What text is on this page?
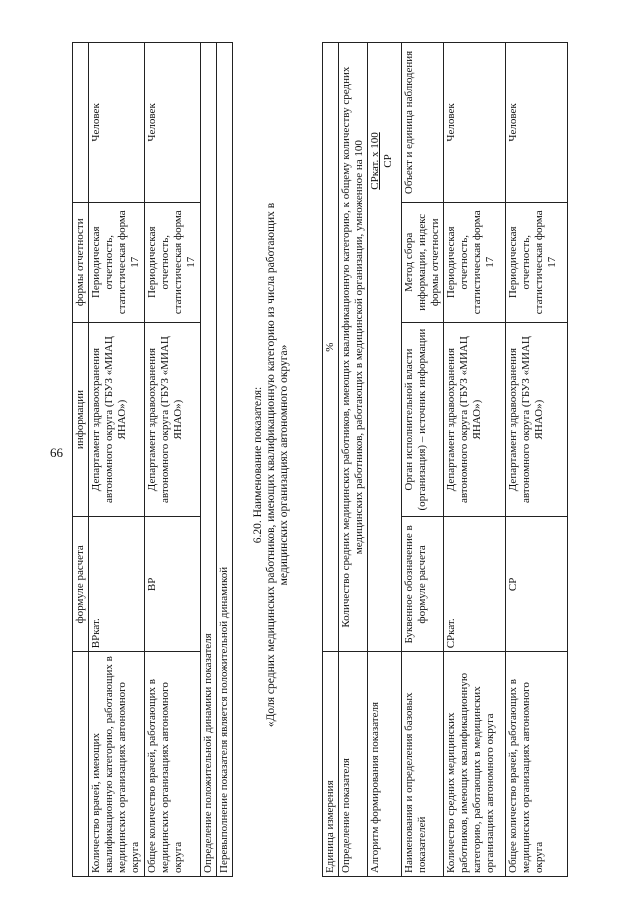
66
	формуле расчета	информации	формы отчетности	
Количество врачей, имеющих квалификационную категорию, работающих в медицинских организациях автономного округа	ВРкат.	Департамент здравоохранения автономного округа (ГБУЗ «МИАЦ ЯНАО»)	Периодическая отчетность, статистическая форма 17	Человек
Общее количество врачей, работающих в медицинских организациях автономного округа	ВР	Департамент здравоохранения автономного округа (ГБУЗ «МИАЦ ЯНАО»)	Периодическая отчетность, статистическая форма 17	Человек
Определение положительной динамики показателя				
Перевыполнение показателя является положительной динамикой				
6.20. Наименование показателя: «Доля средних медицинских работников, имеющих квалификационную категорию из числа работающих в медицинских организациях автономного округа»
Единица измерения	%			
Определение показателя	Количество средних медицинских работников, имеющих квалификационную категорию, к общему количеству средних медицинских работников, работающих в медицинской организации, умноженное на 100			
Алгоритм формирования показателя	СРкат. х 100 СР			

Наименования и определения базовых показателей	Буквенное обозначение в формуле расчета	Орган исполнительной власти (организация) – источник информации	Метод сбора информации, индекс формы отчетности	Объект и единица наблюдения
Количество средних медицинских работников, имеющих квалификационную категорию, работающих в медицинских организациях автономного округа	СРкат.	Департамент здравоохранения автономного округа (ГБУЗ «МИАЦ ЯНАО»)	Периодическая отчетность, статистическая форма 17	Человек
Общее количество врачей, работающих в медицинских организациях автономного округа	СР	Департамент здравоохранения автономного округа (ГБУЗ «МИАЦ ЯНАО»)	Периодическая отчетность, статистическая форма 17	Человек
